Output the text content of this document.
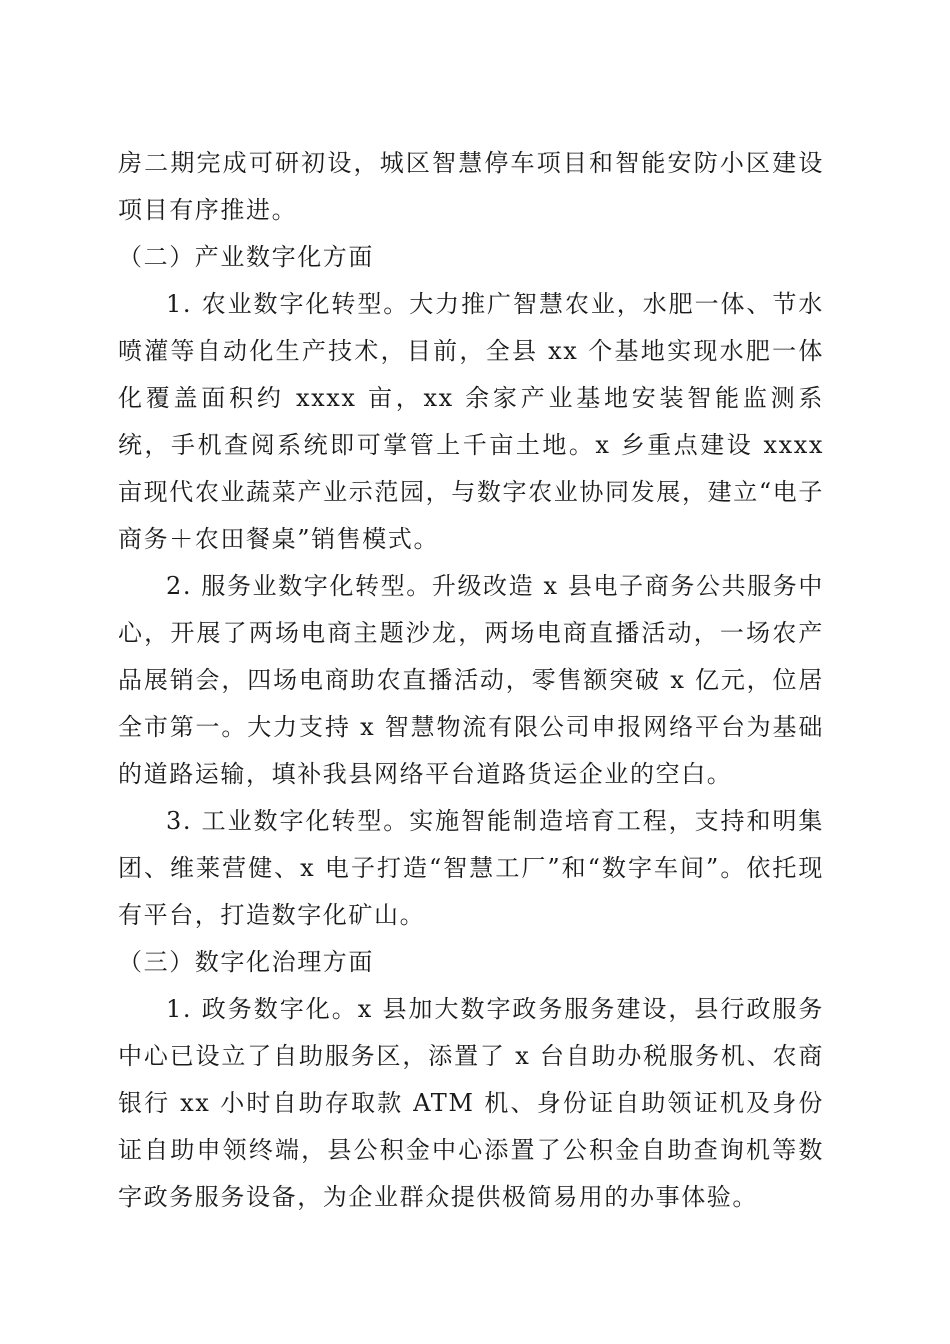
房二期完成可研初设，城区智慧停车项目和智能安防小区建设项目有序推进。

（二）产业数字化方面

1. 农业数字化转型。大力推广智慧农业，水肥一体、节水喷灌等自动化生产技术，目前，全县 xx 个基地实现水肥一体化覆盖面积约 xxxx 亩，xx 余家产业基地安装智能监测系统，手机查阅系统即可掌管上千亩土地。x 乡重点建设 xxxx 亩现代农业蔬菜产业示范园，与数字农业协同发展，建立“电子商务＋农田餐桌”销售模式。

2. 服务业数字化转型。升级改造 x 县电子商务公共服务中心，开展了两场电商主题沙龙，两场电商直播活动，一场农产品展销会，四场电商助农直播活动，零售额突破 x 亿元，位居全市第一。大力支持 x 智慧物流有限公司申报网络平台为基础的道路运输，填补我县网络平台道路货运企业的空白。

3. 工业数字化转型。实施智能制造培育工程，支持和明集团、维莱营健、x 电子打造“智慧工厂”和“数字车间”。依托现有平台，打造数字化矿山。

（三）数字化治理方面

1. 政务数字化。x 县加大数字政务服务建设，县行政服务中心已设立了自助服务区，添置了 x 台自助办税服务机、农商银行 xx 小时自助存取款 ATM 机、身份证自助领证机及身份证自助申领终端，县公积金中心添置了公积金自助查询机等数字政务服务设备，为企业群众提供极简易用的办事体验。
